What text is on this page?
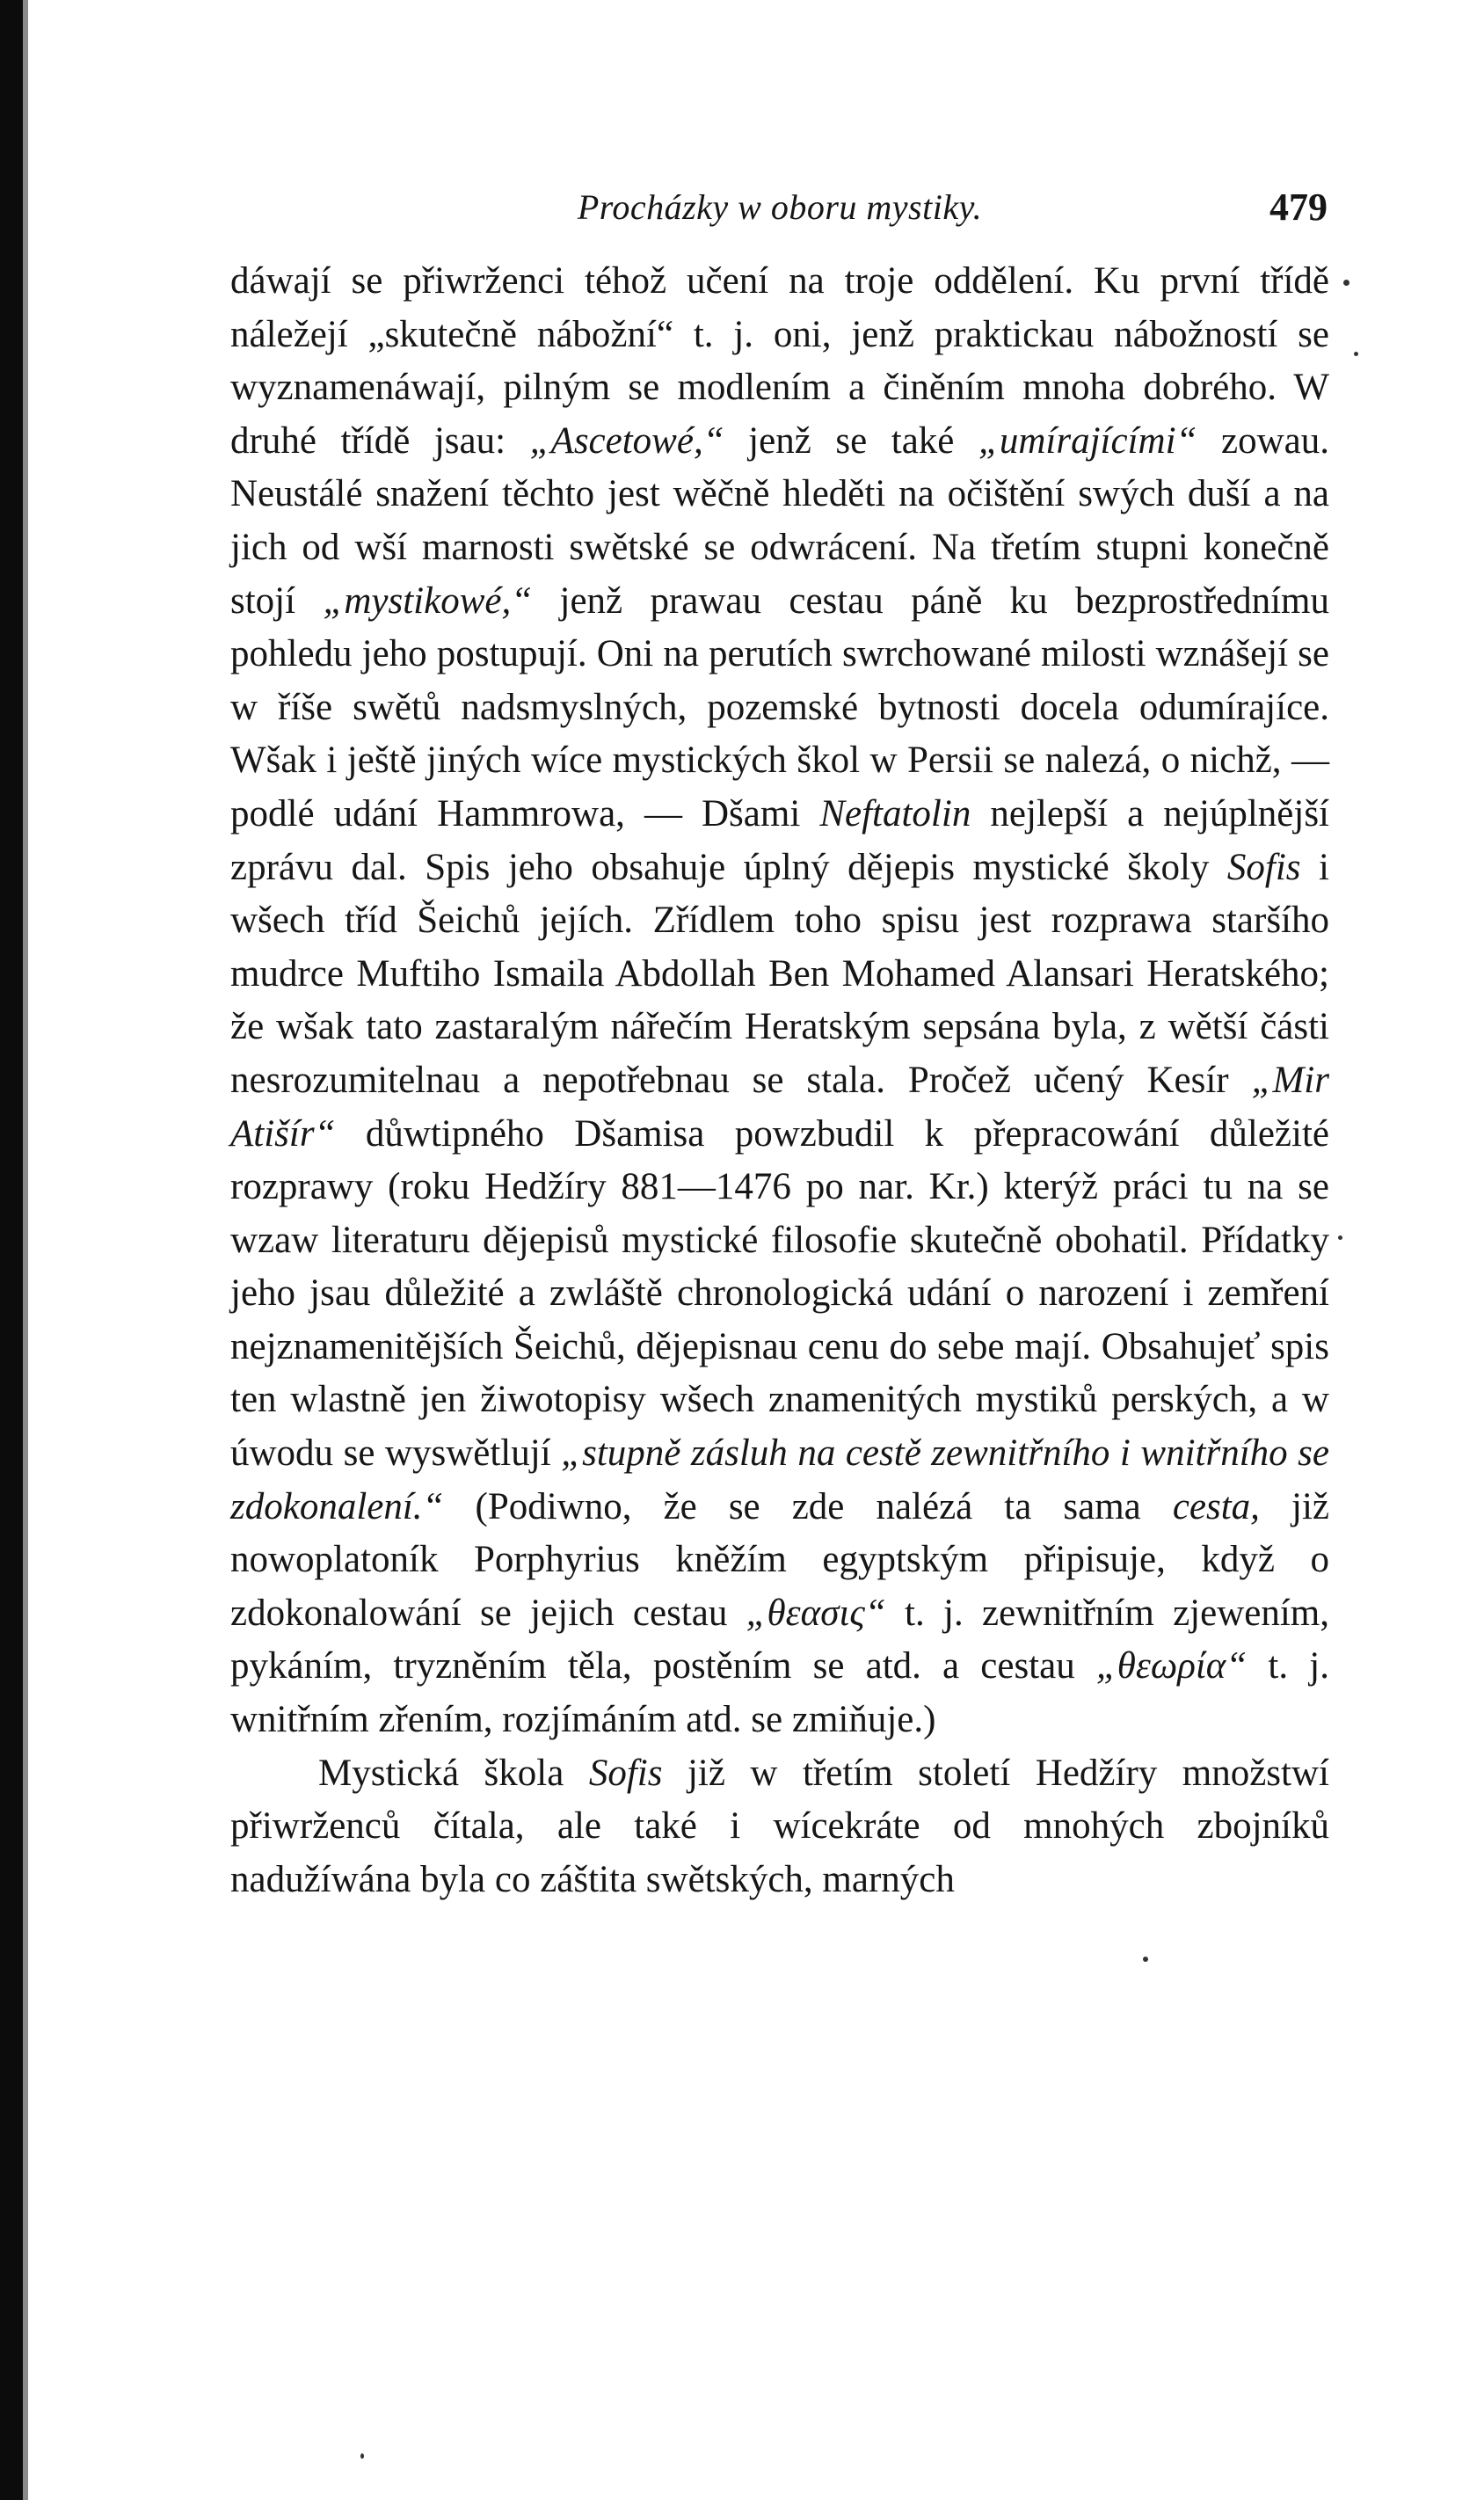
Procházky w oboru mystiky.	479

dáwají se přiwrženci téhož učení na troje oddělení. Ku první třídě náležejí „skutečně nábožní“ t. j. oni, jenž praktickau nábožností se wyznamenáwají, pilným se modlením a činěním mnoha dobrého. W druhé třídě jsau: „Ascetowé,“ jenž se také „umírajícími“ zowau. Neustálé snažení těchto jest wěčně hleděti na očištění swých duší a na jich od wší marnosti swětské se odwrácení. Na třetím stupni konečně stojí „mystikowé,“ jenž prawau cestau páně ku bezprostřednímu pohledu jeho postupují. Oni na perutích swrchowané milosti wznášejí se w říše swětů nadsmyslných, pozemské bytnosti docela odumírajíce. Wšak i ještě jiných wíce mystických škol w Persii se nalezá, o nichž, — podlé udání Hammrowa, — Dšami Neftatolin nejlepší a nejúplnější zprávu dal. Spis jeho obsahuje úplný dějepis mystické školy Sofis i wšech tříd Šeichů jejích. Zřídlem toho spisu jest rozprawa staršího mudrce Muftiho Ismaila Abdollah Ben Mohamed Alansari Heratského; že wšak tato zastaralým nářečím Heratským sepsána byla, z wětší části nesrozumitelnau a nepotřebnau se stala. Pročež učený Kesír „Mir Atišír“ důwtipného Dšamisa powzbudil k přepracowání důležité rozprawy (roku Hedžíry 881—1476 po nar. Kr.) kterýž práci tu na se wzaw literaturu dějepisů mystické filosofie skutečně obohatil. Přídatky jeho jsau důležité a zwláště chronologická udání o narození i zemření nejznamenitějších Šeichů, dějepisnau cenu do sebe mají. Obsahujeť spis ten wlastně jen žiwotopisy wšech znamenitých mystiků perských, a w úwodu se wyswětlují „stupně zásluh na cestě zewnitřního i wnitřního se zdokonalení.“ (Podiwno, že se zde nalézá ta sama cesta, již nowoplatoník Porphyrius kněžím egyptským připisuje, když o zdokonalowání se jejich cestau „θεασις“ t. j. zewnitřním zjewením, pykáním, tryzněním těla, postěním se atd. a cestau „θεωρία“ t. j. wnitřním zřením, rozjímáním atd. se zmiňuje.)

Mystická škola Sofis již w třetím století Hedžíry množstwí přiwrženců čítala, ale také i wícekráte od mnohých zbojníků nadužíwána byla co záštita swětských, marných
